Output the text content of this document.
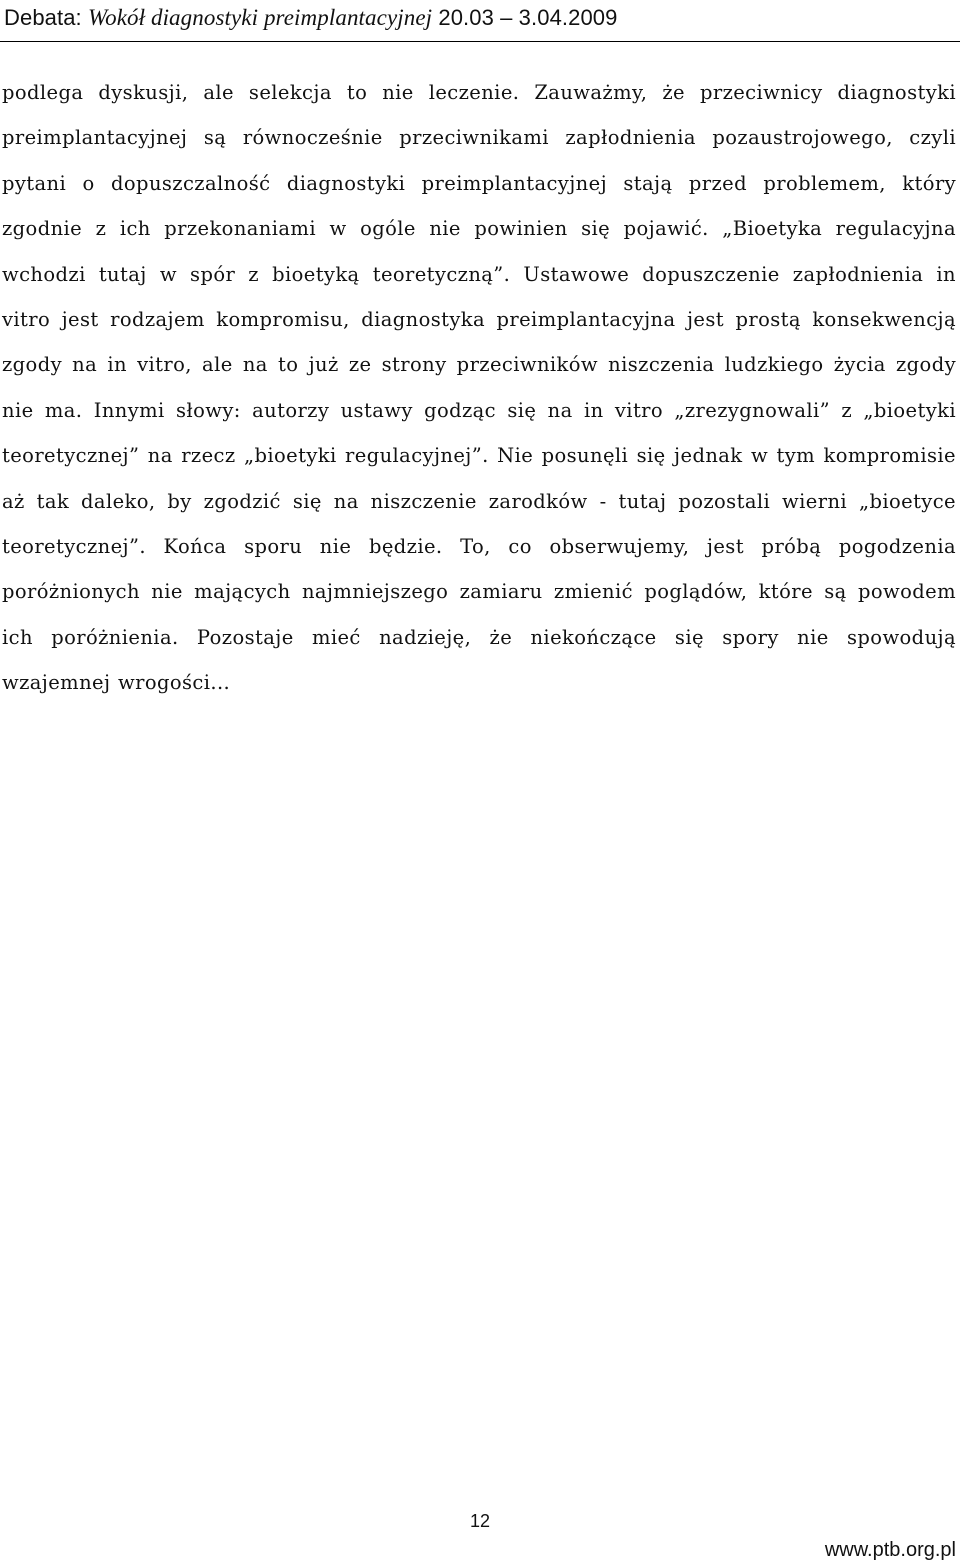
Debata: Wokół diagnostyki preimplantacyjnej 20.03 – 3.04.2009

podlega dyskusji, ale selekcja to nie leczenie. Zauważmy, że przeciwnicy diagnostyki preimplantacyjnej są równocześnie przeciwnikami zapłodnienia pozaustrojowego, czyli pytani o dopuszczalność diagnostyki preimplantacyjnej stają przed problemem, który zgodnie z ich przekonaniami w ogóle nie powinien się pojawić. „Bioetyka regulacyjna wchodzi tutaj w spór z bioetyką teoretyczną”. Ustawowe dopuszczenie zapłodnienia in vitro jest rodzajem kompromisu, diagnostyka preimplantacyjna jest prostą konsekwencją zgody na in vitro, ale na to już ze strony przeciwników niszczenia ludzkiego życia zgody nie ma. Innymi słowy: autorzy ustawy godząc się na in vitro „zrezygnowali” z „bioetyki teoretycznej” na rzecz „bioetyki regulacyjnej”. Nie posunęli się jednak w tym kompromisie aż tak daleko, by zgodzić się na niszczenie zarodków - tutaj pozostali wierni „bioetyce teoretycznej”. Końca sporu nie będzie. To, co obserwujemy, jest próbą pogodzenia poróżnionych nie mających najmniejszego zamiaru zmienić poglądów, które są powodem ich poróżnienia. Pozostaje mieć nadzieję, że niekończące się spory nie spowodują wzajemnej wrogości...

12
www.ptb.org.pl
